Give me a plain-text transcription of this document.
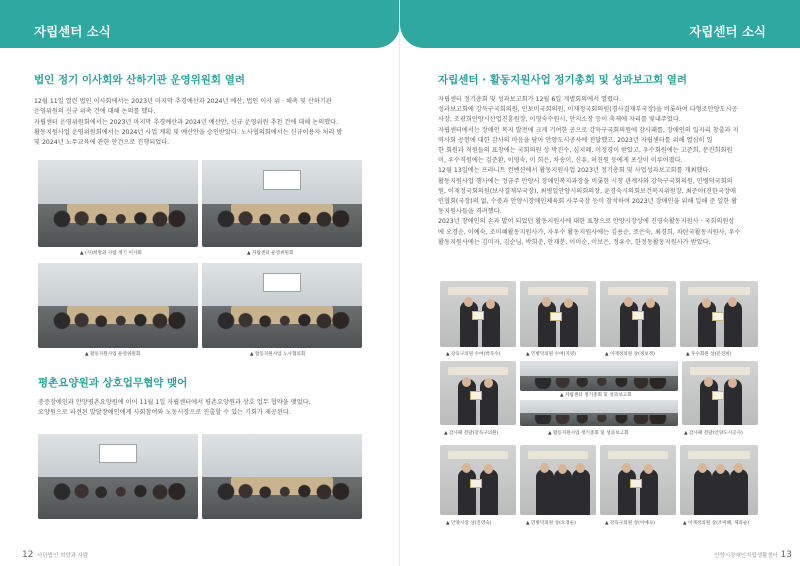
자립센터 소식
법인 정기 이사회와 산하기관 운영위원회 열려
12월 11일 열린 법인 이사회에서는 2023년 마지막 추경예산과 2024년 예산, 법인 이사 위 · 해촉 및 산하기관
운영위원의 신규 위촉 건에 대해 논의를 했다.
자립센터 운영위원회에서는 2023년 마지막 추경예산과 2024년 예산안, 신규 운영위원 추천 건에 대해 논의했다.
활동지원사업 운영위원회에서는 2024년 사업 계획 및 예산안을 승인받았다. 노사협의회에서는 신규이용자 처리 방
및 2024년 노무교육에 관한 안건으로 진행되었다.
▲ (사)희망과 사람 정기 이사회	▲ 자립센터 운영위원회
▲ 활동지원사업 운영위원회	▲ 활동지원사업 노사협의회
평촌요양원과 상호업무협약 맺어
중증장애인과 안양평촌요양원에 이어 11월 1일 자립센터에서 평촌요양원과 상호 업무 협약을 맺었다.
요양원으로 파견된 발달장애인에게 사회참여와 노동시장으로 진출할 수 있는 기회가 제공된다.
12 사단법인 희망과 사람
자립센터 소식
자립센터 · 활동지원사업 정기총회 및 성과보고회 열려
자립센터 정기총회 및 성과보고회가 12월 6일 개별회의에서 열렸다.
성과보고회에 강득구국회의원, 민보미국회의원, 이재정국회의원(경사결재부국장)을 비롯하여 다형조안양도시공
사장, 조광희안양시산업진흥원장, 이영숙수원시, 안지소장 등이 축제에 자리를 빛내주었다.
자립센터에서는 장애인 복지 발전에 크게 기여한 공으로 강득구국회의원에 감사패를, 장애인의 일자리 창출과 지
역사회 공헌에 대한 감사의 마음을 담아 안양도시공사에 전달했고, 2023년 자립센터를 위해 열심히 일
한 회원과 직원들의 표창에는 국회의원 상 박진수, 심지혜, 이정경이 받았고, 우수회원에는 고준희, 문진희회원
이, 우수직원에는 김준환, 이영숙, 이 희은, 차송이, 신유, 허진원 등에게 포상이 이루어졌다.
12월 13일에는 프라니트 컨벤션에서 활동지원사업 2023년 정기총회 및 사업성과보고회를 개최했다.
활동지원사업 행사에는 정금주 안양시 장애인복지과장을 비롯한 시청 관계자와 강득구국회의원, 민병덕국회의
원, 이재정국회의원(보사결재부국장), 최병일안양시의회의장, 윤경숙시의회보건복지위원장, 최준아(전한국장애
인협회(국장)의 없, 수중과 안양시장애인체육회 사무국장 등이 참석하여 2023년 장애인을 위해 일해 준 일한 활
동지원사들을 격려했다.
2023년 장애인의 손과 발이 되었던 활동지원사에 대한 표창으로 안양시장상에 진영숙활동지원사 · 국회의원상
에 오경순, 이예숙, 조미혜활동지원사가, 자우수 활동지원사에는 김용순, 조은숙, 최경희, 차탄국활동지원사, 우수
활동지원사에는 김미자, 김순님, 박희준, 안재분, 이미순, 이보은, 정유수, 한정동활동지원사가 받았다.
▲ 강득구의원 수여(박욱수)	▲ 민병덕의원 수여(지영)	▲ 이재정의원 상(정보정)	▲ 우수회원 상(문진희)
▲ 자립센터 정기총회 및 성과보고회
▲ 감사패 전달(강득구의원)	▲ 활동지원사업 정기총회 및 성과보고회	▲ 감사패 전달(안양도시공사)
▲ 안양시장 상(진영숙)	▲ 민병덕의원 상(오경순)	▲ 강득구의원 상(이예숙)	▲ 이재정의원 상(조미혜, 제과순)
안양시장애인자립생활센터 13
